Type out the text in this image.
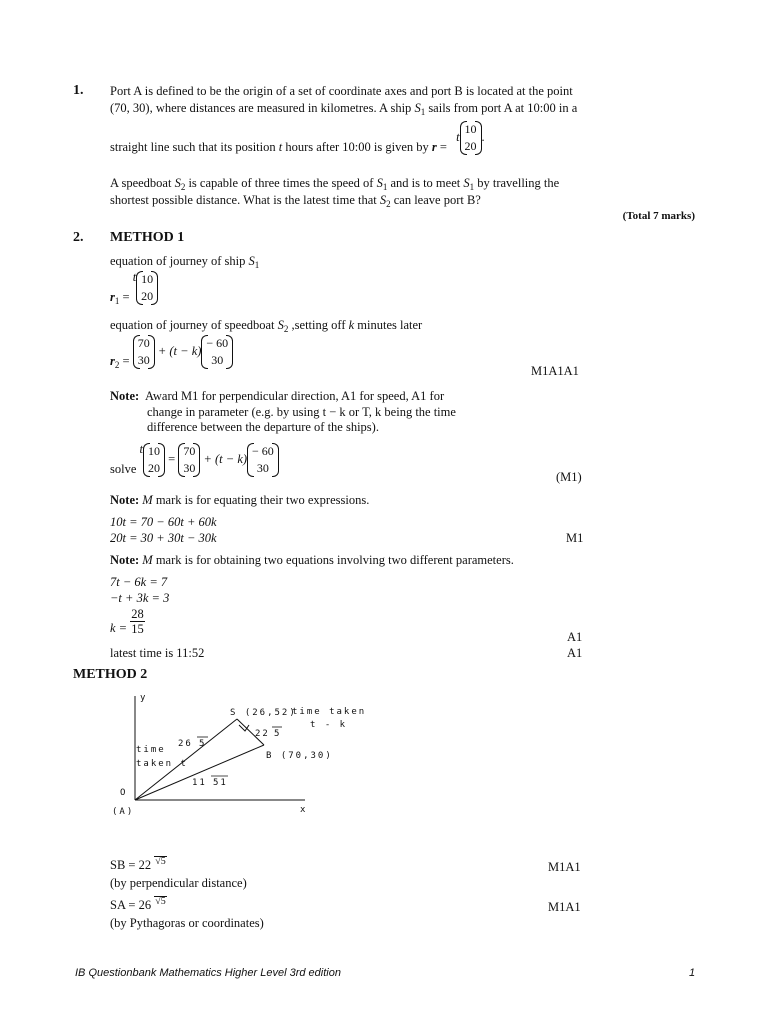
1. Port A is defined to be the origin of a set of coordinate axes and port B is located at the point
(70, 30), where distances are measured in kilometres. A ship $S_1$ sails from port A at 10:00 in a
straight line such that its position t hours after 10:00 is given by r = t
10
20
.
A speedboat $S_2$ is capable of three times the speed of $S_1$ and is to meet $S_1$ by travelling the
shortest possible distance. What is the latest time that $S_2$ can leave port B?
(Total 7 marks)
2. METHOD 1
equation of journey of ship $S_1$
$r_1 = t$ 10
20
equation of journey of speedboat $S_2$ ,setting off k minutes later
$r_2$ =
70
30
+ (t − k)
− 60
30
M1A1A1
Note: Award M1 for perpendicular direction, A1 for speed, A1 for
change in parameter (e.g. by using t − k or T, k being the time
difference between the departure of the ships).
solve t 10
20
=
70
30
+ (t − k)
− 60
30
(M1)
Note: M mark is for equating their two expressions.
10t = 70 − 60t + 60k
20t = 30 + 30t − 30k	M1
Note: M mark is for obtaining two equations involving two different parameters.
7t − 6k = 7
−t + 3k = 3
$k = \frac{28}{15}$
A1
latest time is 11:52	A1
METHOD 2
y
x
O
(A)
S (26,52)
time taken
t - k
time
taken t
26 5
22 5
B (70,30)
11 51
SB = 22 √5	M1A1
(by perpendicular distance)
SA = 26 √5	M1A1
(by Pythagoras or coordinates)
IB Questionbank Mathematics Higher Level 3rd edition	1
